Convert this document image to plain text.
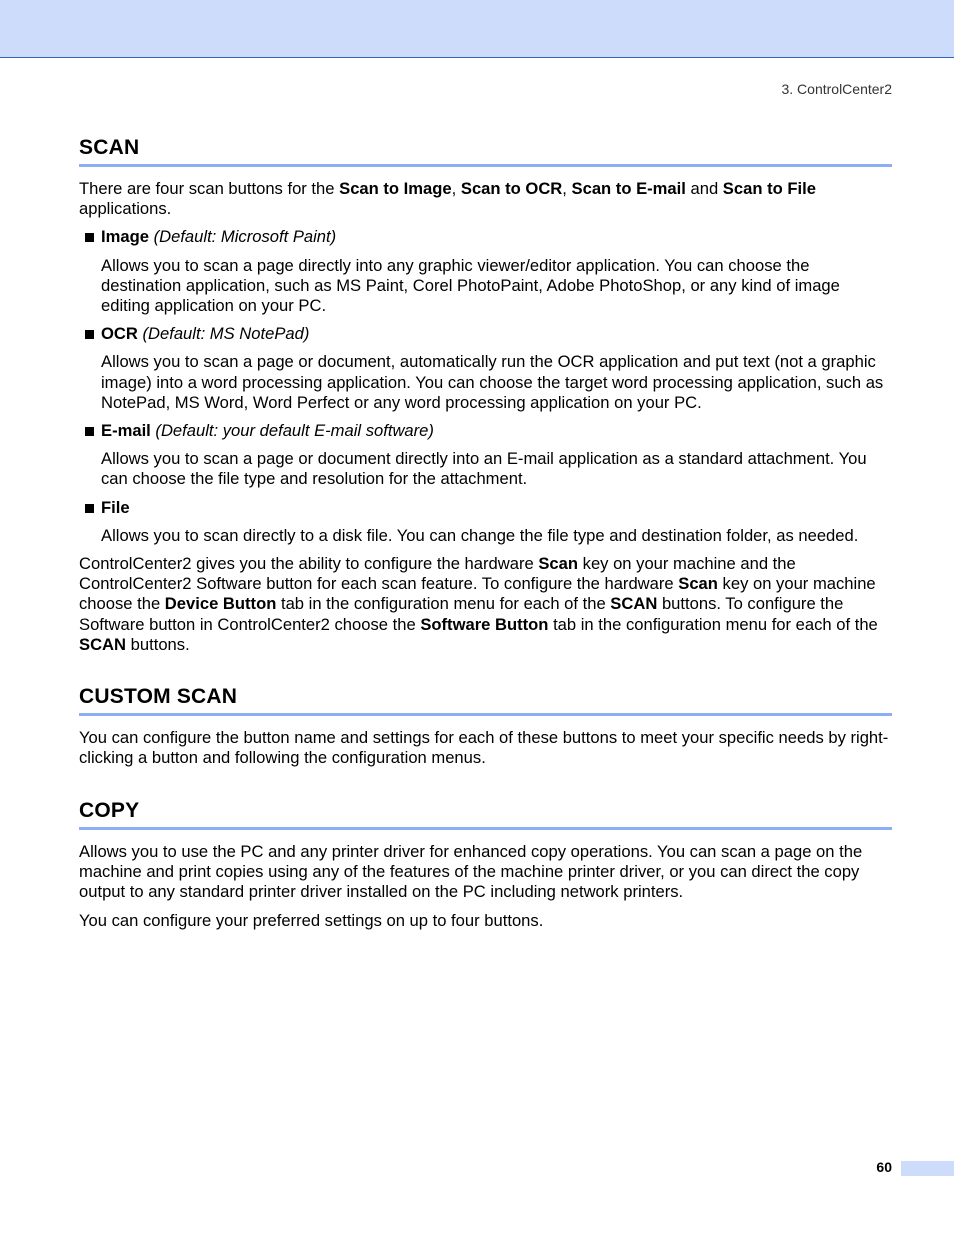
3. ControlCenter2
SCAN

There are four scan buttons for the Scan to Image, Scan to OCR, Scan to E-mail and Scan to File applications.

Image (Default: Microsoft Paint)

Allows you to scan a page directly into any graphic viewer/editor application. You can choose the destination application, such as MS Paint, Corel PhotoPaint, Adobe PhotoShop, or any kind of image editing application on your PC.

OCR (Default: MS NotePad)

Allows you to scan a page or document, automatically run the OCR application and put text (not a graphic image) into a word processing application. You can choose the target word processing application, such as NotePad, MS Word, Word Perfect or any word processing application on your PC.

E-mail (Default: your default E-mail software)

Allows you to scan a page or document directly into an E-mail application as a standard attachment. You can choose the file type and resolution for the attachment.

File

Allows you to scan directly to a disk file. You can change the file type and destination folder, as needed.

ControlCenter2 gives you the ability to configure the hardware Scan key on your machine and the ControlCenter2 Software button for each scan feature. To configure the hardware Scan key on your machine choose the Device Button tab in the configuration menu for each of the SCAN buttons. To configure the Software button in ControlCenter2 choose the Software Button tab in the configuration menu for each of the SCAN buttons.

CUSTOM SCAN

You can configure the button name and settings for each of these buttons to meet your specific needs by right-clicking a button and following the configuration menus.

COPY

Allows you to use the PC and any printer driver for enhanced copy operations. You can scan a page on the machine and print copies using any of the features of the machine printer driver, or you can direct the copy output to any standard printer driver installed on the PC including network printers.

You can configure your preferred settings on up to four buttons.

60
